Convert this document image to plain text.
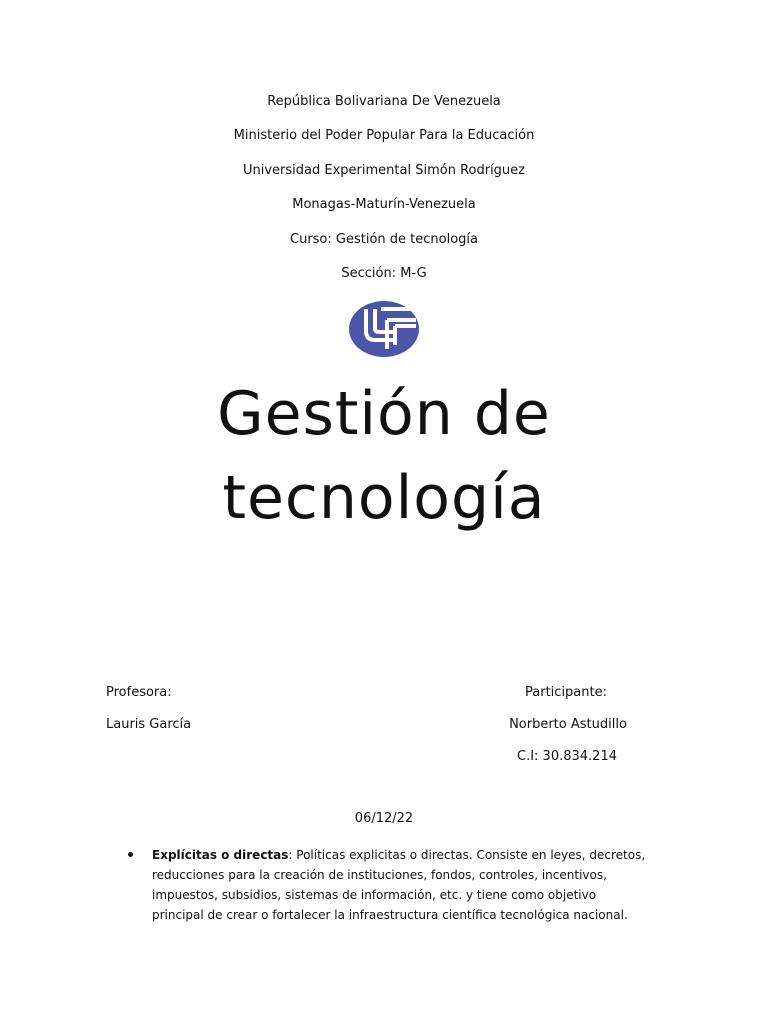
República Bolivariana De Venezuela
Ministerio del Poder Popular Para la Educación
Universidad Experimental Simón Rodríguez
Monagas-Maturín-Venezuela
Curso: Gestión de tecnología
Sección: M-G
Gestión de
tecnología
Profesora:
Lauris García
Participante:
Norberto Astudillo
C.I: 30.834.214
06/12/22
Explícitas o directas: Políticas explicitas o directas. Consiste en leyes, decretos, reducciones para la creación de instituciones, fondos, controles, incentivos, impuestos, subsidios, sistemas de información, etc. y tiene como objetivo principal de crear o fortalecer la infraestructura científica tecnológica nacional.
